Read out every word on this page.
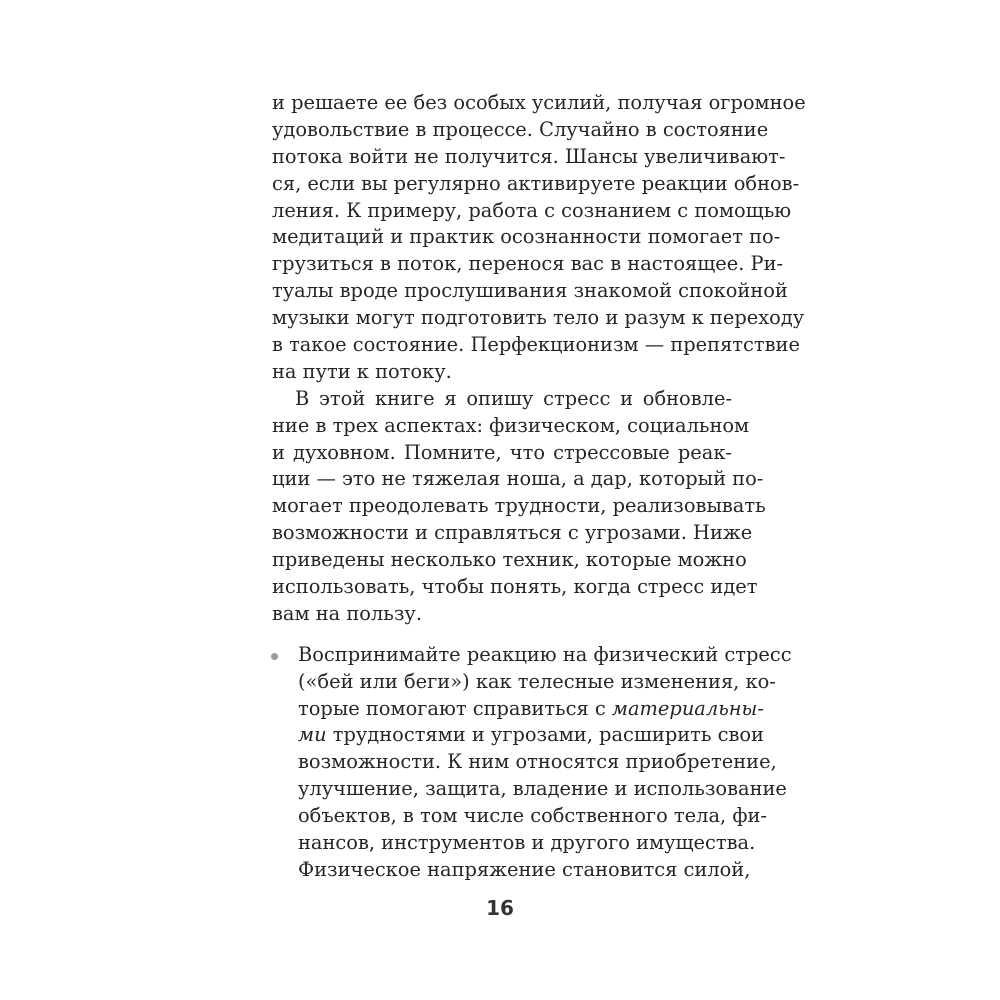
и решаете ее без особых усилий, получая огромное
удовольствие в процессе. Случайно в состояние
потока войти не получится. Шансы увеличивают-
ся, если вы регулярно активируете реакции обнов-
ления. К примеру, работа с сознанием с помощью
медитаций и практик осознанности помогает по-
грузиться в поток, перенося вас в настоящее. Ри-
туалы вроде прослушивания знакомой спокойной
музыки могут подготовить тело и разум к переходу
в такое состояние. Перфекционизм — препятствие
на пути к потоку.
В этой книге я опишу стресс и обновле-
ние в трех аспектах: физическом, социальном
и духовном. Помните, что стрессовые реак-
ции — это не тяжелая ноша, а дар, который по-
могает преодолевать трудности, реализовывать
возможности и справляться с угрозами. Ниже
приведены несколько техник, которые можно
использовать, чтобы понять, когда стресс идет
вам на пользу.
Воспринимайте реакцию на физический стресс
(«бей или беги») как телесные изменения, ко-
торые помогают справиться с материальны-
ми трудностями и угрозами, расширить свои
возможности. К ним относятся приобретение,
улучшение, защита, владение и использование
объектов, в том числе собственного тела, фи-
нансов, инструментов и другого имущества.
Физическое напряжение становится силой,
16
